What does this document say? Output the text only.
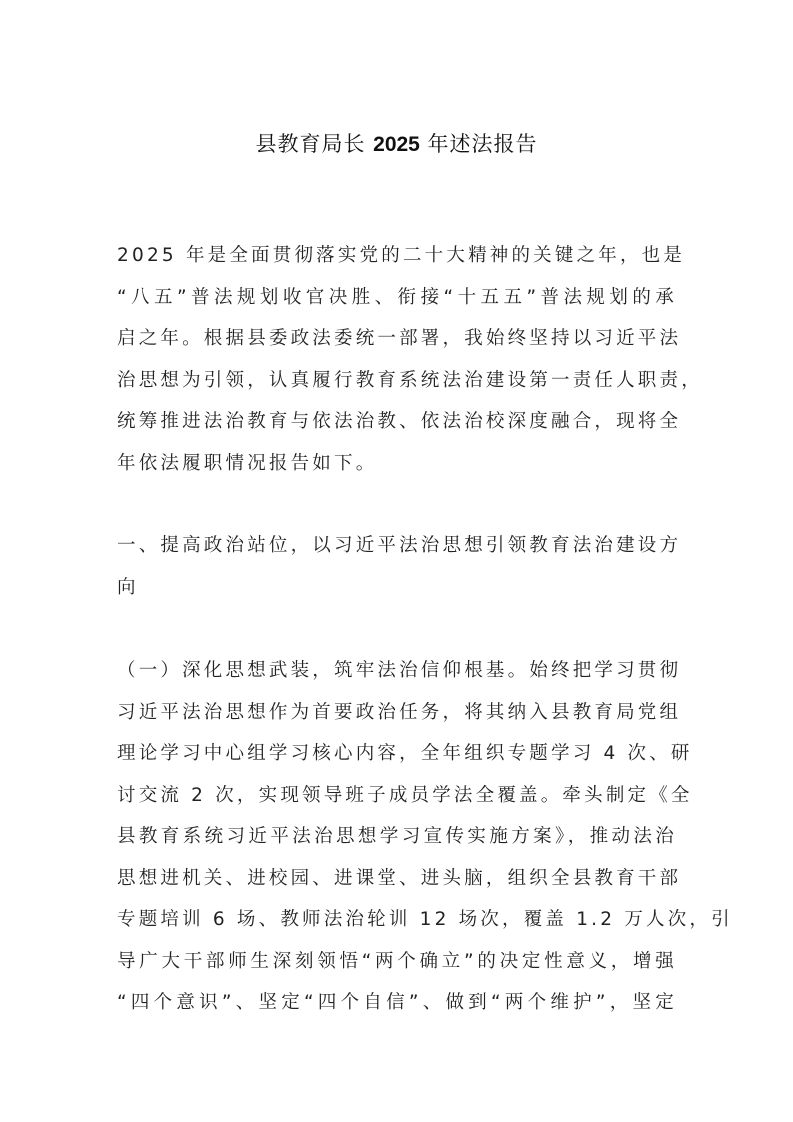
县教育局长 2025 年述法报告
2025 年是全面贯彻落实党的二十大精神的关键之年，也是
“八五”普法规划收官决胜、衔接“十五五”普法规划的承
启之年。根据县委政法委统一部署，我始终坚持以习近平法
治思想为引领，认真履行教育系统法治建设第一责任人职责，
统筹推进法治教育与依法治教、依法治校深度融合，现将全
年依法履职情况报告如下。
一、提高政治站位，以习近平法治思想引领教育法治建设方
向
（一）深化思想武装，筑牢法治信仰根基。始终把学习贯彻
习近平法治思想作为首要政治任务，将其纳入县教育局党组
理论学习中心组学习核心内容，全年组织专题学习 4 次、研
讨交流 2 次，实现领导班子成员学法全覆盖。牵头制定《全
县教育系统习近平法治思想学习宣传实施方案》，推动法治
思想进机关、进校园、进课堂、进头脑，组织全县教育干部
专题培训 6 场、教师法治轮训 12 场次，覆盖 1.2 万人次，引
导广大干部师生深刻领悟“两个确立”的决定性意义，增强
“四个意识”、坚定“四个自信”、做到“两个维护”，坚定
